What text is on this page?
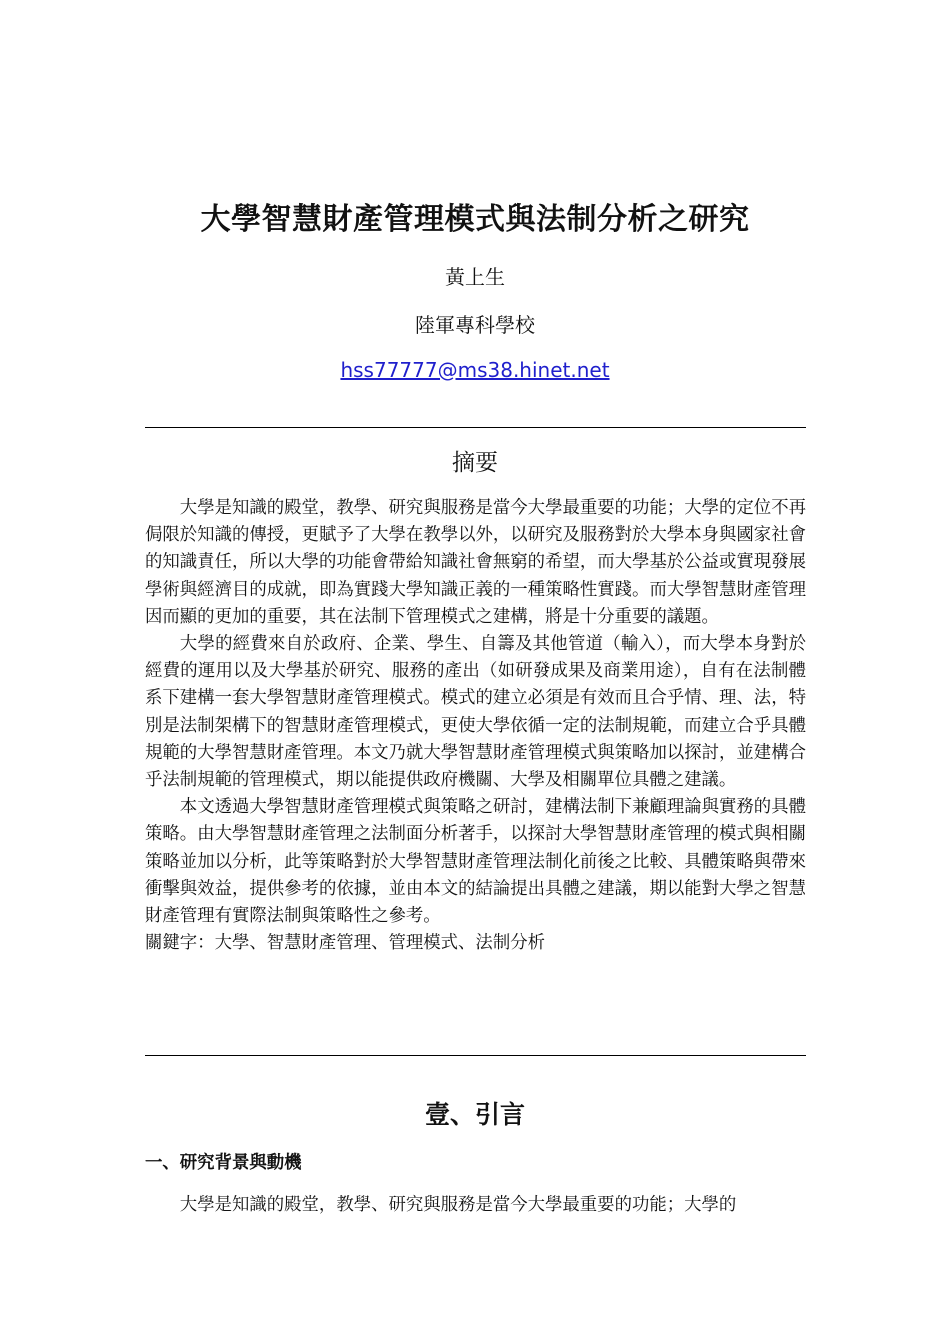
大學智慧財產管理模式與法制分析之研究
黃上生
陸軍專科學校
hss77777@ms38.hinet.net
摘要

大學是知識的殿堂，教學、研究與服務是當今大學最重要的功能；大學的定位不再侷限於知識的傳授，更賦予了大學在教學以外，以研究及服務對於大學本身與國家社會的知識責任，所以大學的功能會帶給知識社會無窮的希望，而大學基於公益或實現發展學術與經濟目的成就，即為實踐大學知識正義的一種策略性實踐。而大學智慧財產管理因而顯的更加的重要，其在法制下管理模式之建構，將是十分重要的議題。

大學的經費來自於政府、企業、學生、自籌及其他管道（輸入），而大學本身對於經費的運用以及大學基於研究、服務的產出（如研發成果及商業用途），自有在法制體系下建構一套大學智慧財產管理模式。模式的建立必須是有效而且合乎情、理、法，特別是法制架構下的智慧財產管理模式，更使大學依循一定的法制規範，而建立合乎具體規範的大學智慧財產管理。本文乃就大學智慧財產管理模式與策略加以探討，並建構合乎法制規範的管理模式，期以能提供政府機關、大學及相關單位具體之建議。

本文透過大學智慧財產管理模式與策略之研討，建構法制下兼顧理論與實務的具體策略。由大學智慧財產管理之法制面分析著手，以探討大學智慧財產管理的模式與相關策略並加以分析，此等策略對於大學智慧財產管理法制化前後之比較、具體策略與帶來衝擊與效益，提供參考的依據，並由本文的結論提出具體之建議，期以能對大學之智慧財產管理有實際法制與策略性之參考。

關鍵字：大學、智慧財產管理、管理模式、法制分析
壹、引言
一、研究背景與動機

大學是知識的殿堂，教學、研究與服務是當今大學最重要的功能；大學的
